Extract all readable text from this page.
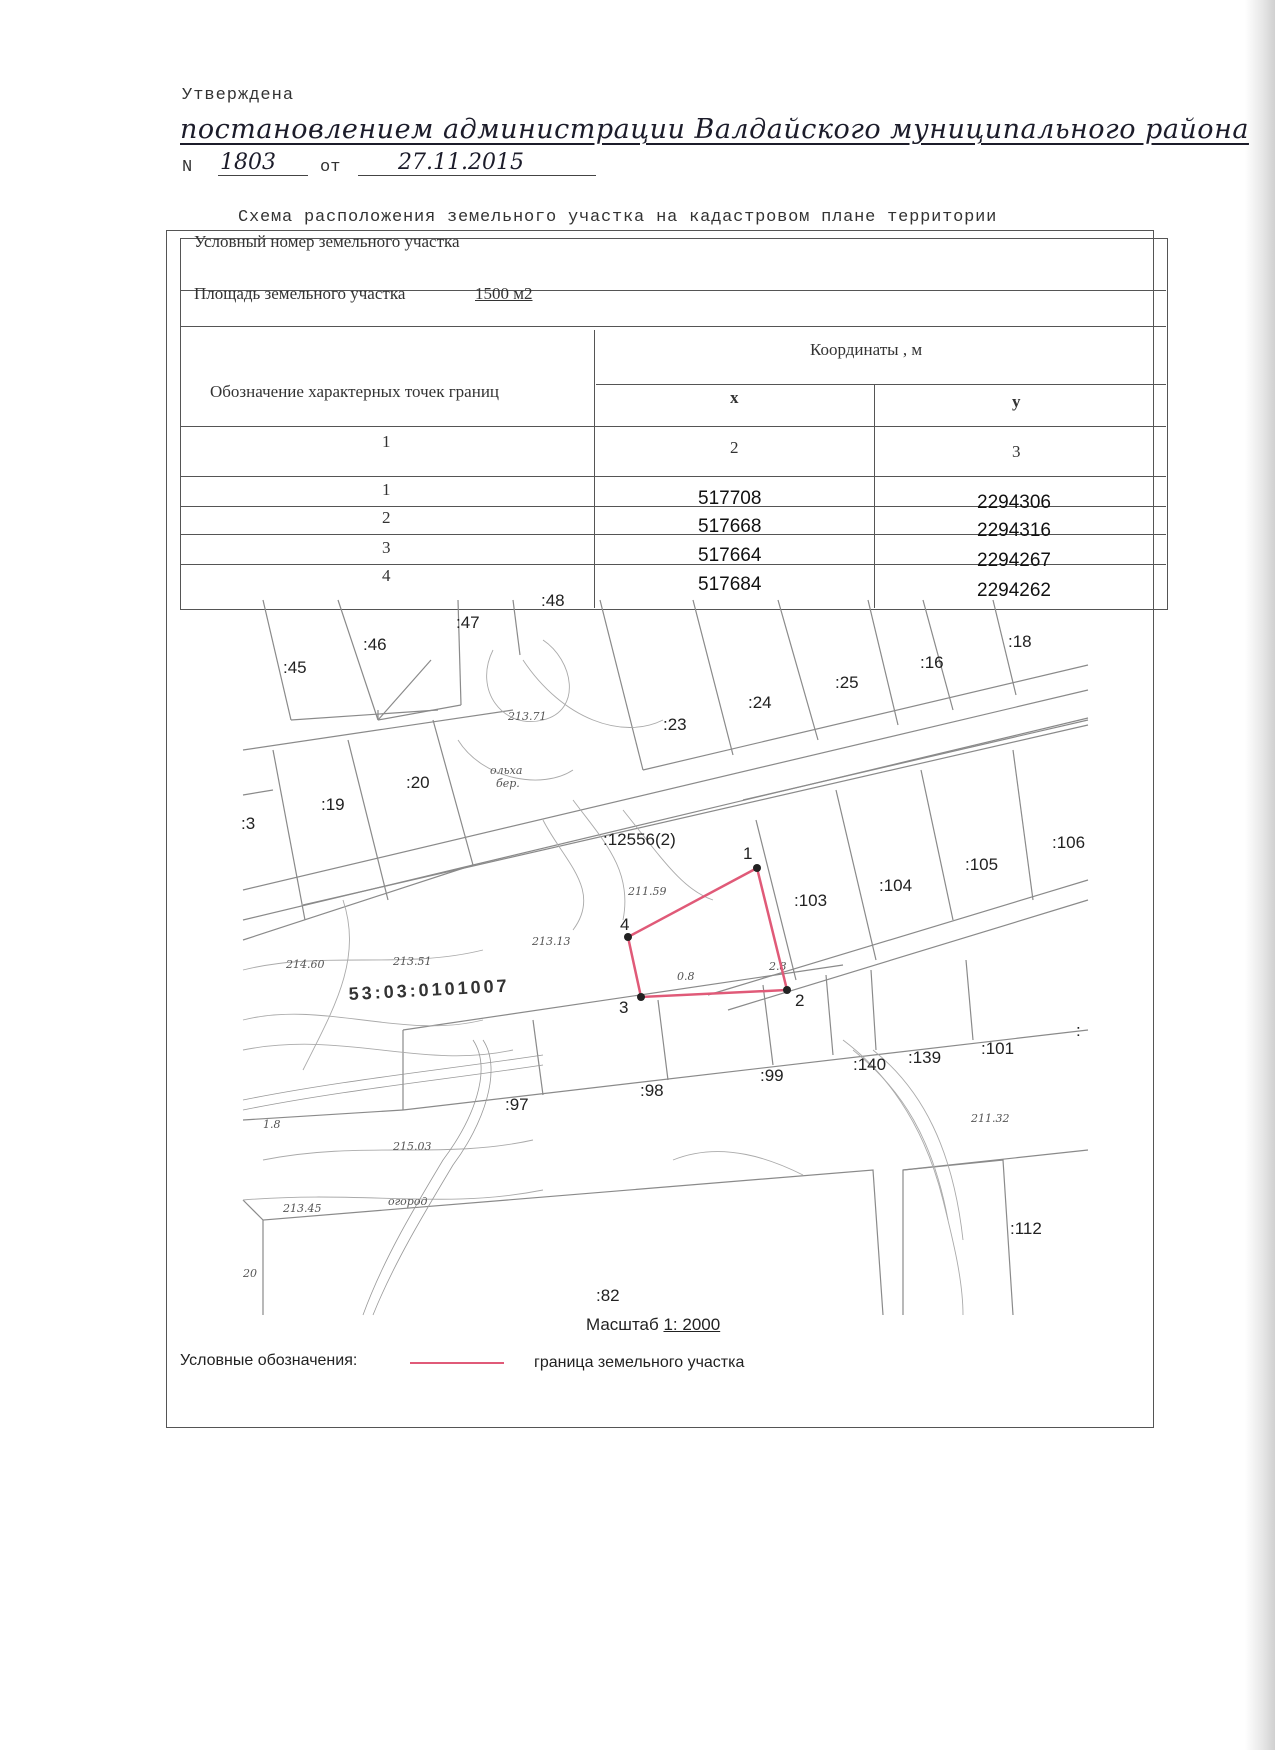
Утверждена
постановлением администрации Валдайского муниципального района
N 1803	от	27.11.2015
Схема расположения земельного участка на кадастровом плане территории
Условный номер земельного участка
Площадь земельного участка	1500 м2
Обозначение характерных точек границ
Координаты , м
x	y
1	2	3
1	517708	2294306
2	517668	2294316
3	517664	2294267
4	517684	2294262
:45
:46
:47
:48
:23
:24
:25
:16
:18
:19
:20
:3
:12556(2)
:103
:104
:105
:106
:97
:98
:99
:140 :139 :101
:112
:82
:
53:03:0101007
213.71
ольха
бер.
211.59
213.13
214.60	213.51
0.8
2.8
215.03
213.45
огород
211.32
1.8
20
1
2
3
4
Масштаб 1: 2000
Условные обозначения:	граница земельного участка
